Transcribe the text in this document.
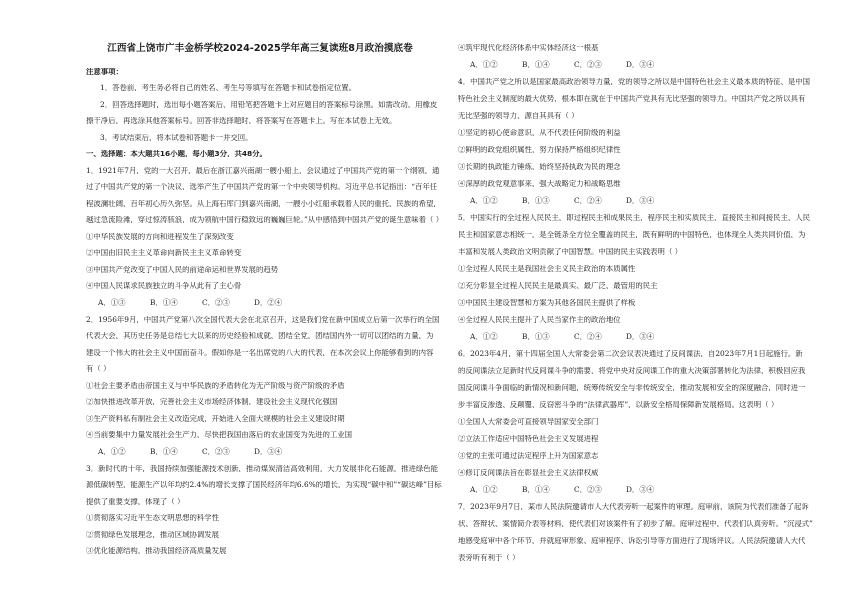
江西省上饶市广丰金桥学校2024-2025学年高三复读班8月政治摸底卷
注意事项：
1．答卷前，考生务必将自己的姓名、考生号等填写在答题卡和试卷指定位置。
2．回答选择题时，选出每小题答案后，用铅笔把答题卡上对应题目的答案标号涂黑。如需改动，用橡皮
擦干净后，再选涂其他答案标号。回答非选择题时，将答案写在答题卡上。写在本试卷上无效。
3．考试结束后，将本试卷和答题卡一并交回。
一、选择题：本大题共16小题，每小题3分，共48分。
1．1921年7月，党的一大召开，最后在浙江嘉兴南湖一艘小船上，会议通过了中国共产党的第一个纲领，通
过了中国共产党的第一个决议，选举产生了中国共产党的第一个中央领导机构。习近平总书记指出：“百年任
程波澜壮阔，百年初心历久弥坚。从上海石库门到嘉兴南湖，一艘小小红船承载着人民的重托，民族的希望，
越过急流险滩，穿过惊涛骇浪，成为领航中国行稳致远的巍巍巨轮。”从中感悟到中国共产党的诞生意味着（ ）
①中华民族发展的方向和进程发生了深刻改变
②中国由旧民主主义革命向新民主主义革命转变
③中国共产党改变了中国人民的前途命运和世界发展的趋势
④中国人民谋求民族独立的斗争从此有了主心骨
A．①③	B．①④	C．②③	D．②④
2．1956年9月，中国共产党第八次全国代表大会在北京召开，这是我们党在新中国成立后第一次举行的全国
代表大会，其历史任务是总结七大以来的历史经验和成就，团结全党，团结国内外一切可以团结的力量，为
建设一个伟大的社会主义中国而奋斗。假如你是一名出席党的八大的代表，在本次会议上你能够看到的内容
有（ ）
①社会主要矛盾由帝国主义与中华民族的矛盾转化为无产阶级与资产阶级的矛盾
②加快推进改革开放，完善社会主义市场经济体制，建设社会主义现代化强国
③生产资料私有制社会主义改造完成，开始进入全面大规模的社会主义建设时期
④当前要集中力量发展社会生产力，尽快把我国由落后的农业国变为先进的工业国
A．①②	B．①④	C．②③	D．③④
3．新时代的十年，我国持续加强能源技术创新，推动煤炭清洁高效利用，大力发展非化石能源，推进绿色能
源低碳转型，能源生产以年均约2.4%的增长支撑了国民经济年均6.6%的增长，为实现“碳中和”“碳达峰”目标
提供了重要支撑，体现了（ ）
①贯彻落实习近平生态文明思想的科学性
②贯彻绿色发展理念，推动区域协调发展
③优化能源结构，推动我国经济高质量发展
④筑牢现代化经济体系中实体经济这一根基
A．①②	B．①④	C．②③	D．③④
4．中国共产党之所以是国家最高政治领导力量，党的领导之所以是中国特色社会主义最本质的特征、是中国
特色社会主义制度的最大优势，根本即在就在于中国共产党具有无比坚强的领导力。中国共产党之所以具有
无比坚强的领导力，源自其具有（ ）
①坚定的初心使命意识，从不代表任何阶级的利益
②鲜明的政党组织属性，努力保持严格组织纪律性
③长期的执政能力锤炼，始终坚持执政为民的理念
④深厚的政党观意事来，强大战略定力和战略思维
A．①②	B．①③	C．②④	D．③④
5．中国实行的全过程人民民主，即过程民主和成果民主，程序民主和实质民主，直接民主和间接民主，人民
民主和国家意志相统一，是全链条全方位全覆盖的民主，既有鲜明的中国特色，也体现全人类共同价值，为
丰富和发展人类政治文明贡献了中国智慧。中国的民主实践表明（ ）
①全过程人民民主是我国社会主义民主政治的本质属性
②充分彰显全过程人民民主是最真实、最广泛、最管用的民主
③中国民主建设智慧和方案为其他各国民主提供了样板
④全过程人民民主提升了人民当家作主的政治地位
A．①②	B．①③	C．②④	D．③④
6．2023年4月，第十四届全国人大常委会第二次会议表决通过了反间谍法，自2023年7月1日起施行。新
的反间谍法立足新时代反间谍斗争的需要，将党中央对反间谍工作的重大决策部署转化为法律，积极回应我
国反间谍斗争面临的新情况和新问题，统筹传统安全与非传统安全，推动发展和安全的深度融合，同时进一
步丰富反渗透、反颠覆、反窃密斗争的“法律武器库”，以新安全格局保障新发展格局。这表明（ ）
①全国人大常委会可直接领导国家安全部门
②立法工作适应中国特色社会主义发展进程
③党的主张可通过法定程序上升为国家意志
④修订反间谍法旨在彰显社会主义法律权威
A．①②	B．①④	C．②③	D．③④
7．2023年9月7日，某市人民法院邀请市人大代表旁听一起案件的审理。庭审前，该院为代表们准备了起诉
状、答辩状、案情简介表等材料，使代表们对该案件有了初步了解。庭审过程中，代表们认真旁听。“沉浸式”
地感受庭审中各个环节，并就庭审形象、庭审程序、诉讼引导等方面进行了现场评议。人民法院邀请人大代
表旁听有利于（ ）
